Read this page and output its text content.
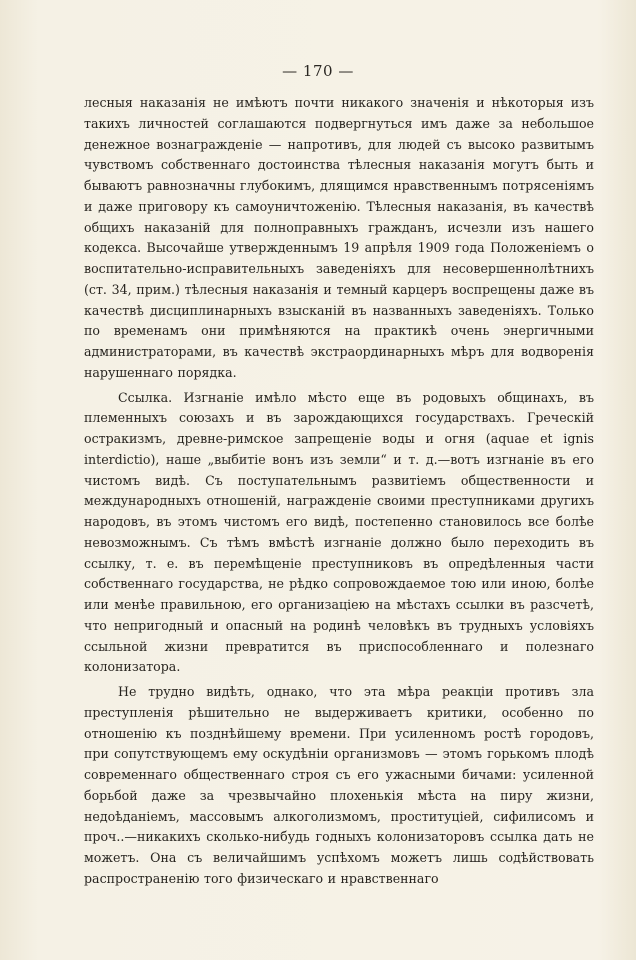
— 170 —

лесныя наказанія не имѣютъ почти никакого значенія и нѣкоторыя изъ такихъ личностей соглашаются подвергнуться имъ даже за небольшое денежное вознагражденіе — напротивъ, для людей съ высоко развитымъ чувствомъ собственнаго достоинства тѣлесныя наказанія могутъ быть и бываютъ равнозначны глубокимъ, длящимся нравственнымъ потрясеніямъ и даже приговору къ самоуничтоженію. Тѣлесныя наказанія, въ качествѣ общихъ наказаній для полноправныхъ гражданъ, исчезли изъ нашего кодекса. Высочайше утвержденнымъ 19 апрѣля 1909 года Положеніемъ о воспитательно-исправительныхъ заведеніяхъ для несовершеннолѣтнихъ (ст. 34, прим.) тѣлесныя наказанія и темный карцеръ воспрещены даже въ качествѣ дисциплинарныхъ взысканій въ названныхъ заведеніяхъ. Только по временамъ они примѣняются на практикѣ очень энергичными администраторами, въ качествѣ экстраординарныхъ мѣръ для водворенія нарушеннаго порядка.

Ссылка. Изгнаніе имѣло мѣсто еще въ родовыхъ общинахъ, въ племенныхъ союзахъ и въ зарождающихся государствахъ. Греческій остракизмъ, древне-римское запрещеніе воды и огня (aquae et ignis interdictio), наше „выбитіе вонъ изъ земли“ и т. д.—вотъ изгнаніе въ его чистомъ видѣ. Съ поступательнымъ развитіемъ общественности и международныхъ отношеній, награжденіе своими преступниками другихъ народовъ, въ этомъ чистомъ его видѣ, постепенно становилось все болѣе невозможнымъ. Съ тѣмъ вмѣстѣ изгнаніе должно было переходить въ ссылку, т. е. въ перемѣщеніе преступниковъ въ опредѣленныя части собственнаго государства, не рѣдко сопровождаемое тою или иною, болѣе или менѣе правильною, его организаціею на мѣстахъ ссылки въ разсчетѣ, что непригодный и опасный на родинѣ человѣкъ въ трудныхъ условіяхъ ссыльной жизни превратится въ приспособленнаго и полезнаго колонизатора.

Не трудно видѣть, однако, что эта мѣра реакціи противъ зла преступленія рѣшительно не выдерживаетъ критики, особенно по отношенію къ позднѣйшему времени. При усиленномъ ростѣ городовъ, при сопутствующемъ ему оскудѣніи организмовъ — этомъ горькомъ плодѣ современнаго общественнаго строя съ его ужасными бичами: усиленной борьбой даже за чрезвычайно плохенькія мѣста на пиру жизни, недоѣданіемъ, массовымъ алкоголизмомъ, проституціей, сифилисомъ и проч..—никакихъ сколько-нибудь годныхъ колонизаторовъ ссылка дать не можетъ. Она съ величайшимъ успѣхомъ можетъ лишь содѣйствовать распространенію того физическаго и нравственнаго
